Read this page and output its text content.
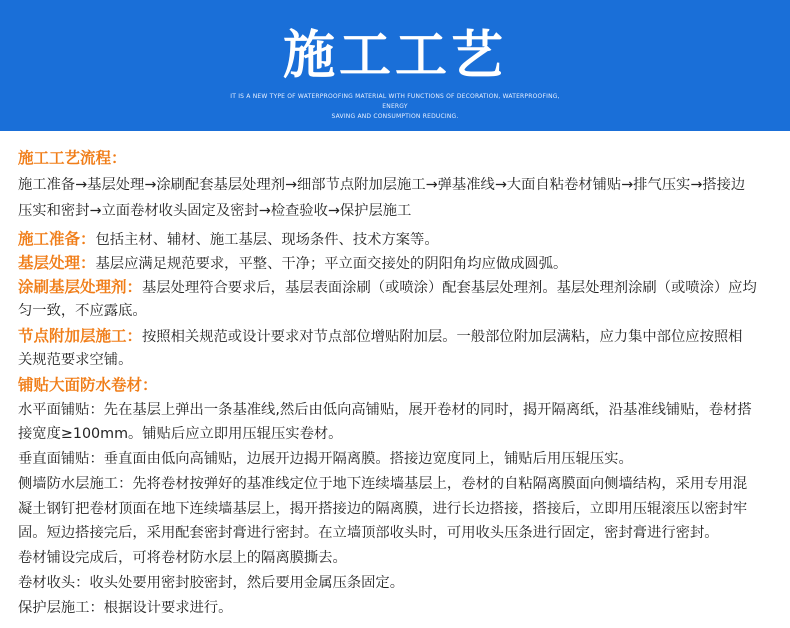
施工工艺
IT IS A NEW TYPE OF WATERPROOFING MATERIAL WITH FUNCTIONS OF DECORATION, WATERPROOFING, ENERGY
SAVING AND CONSUMPTION REDUCING.
施工工艺流程：
施工准备→基层处理→涂刷配套基层处理剂→细部节点附加层施工→弹基准线→大面自粘卷材铺贴→排气压实→搭接边
压实和密封→立面卷材收头固定及密封→检查验收→保护层施工
施工准备：包括主材、辅材、施工基层、现场条件、技术方案等。
基层处理：基层应满足规范要求，平整、干净；平立面交接处的阴阳角均应做成圆弧。
涂刷基层处理剂：基层处理符合要求后，基层表面涂刷（或喷涂）配套基层处理剂。基层处理剂涂刷（或喷涂）应均
匀一致，不应露底。
节点附加层施工：按照相关规范或设计要求对节点部位增贴附加层。一般部位附加层满粘，应力集中部位应按照相
关规范要求空铺。
铺贴大面防水卷材：
水平面铺贴：先在基层上弹出一条基准线,然后由低向高铺贴，展开卷材的同时，揭开隔离纸，沿基准线铺贴，卷材搭
接宽度≥100mm。铺贴后应立即用压辊压实卷材。
垂直面铺贴：垂直面由低向高铺贴，边展开边揭开隔离膜。搭接边宽度同上，铺贴后用压辊压实。
侧墙防水层施工：先将卷材按弹好的基准线定位于地下连续墙基层上，卷材的自粘隔离膜面向侧墙结构，采用专用混
凝土钢钉把卷材顶面在地下连续墙基层上，揭开搭接边的隔离膜，进行长边搭接，搭接后，立即用压辊滚压以密封牢
固。短边搭接完后，采用配套密封膏进行密封。在立墙顶部收头时，可用收头压条进行固定，密封膏进行密封。
卷材铺设完成后，可将卷材防水层上的隔离膜撕去。
卷材收头：收头处要用密封胶密封，然后要用金属压条固定。
保护层施工：根据设计要求进行。
